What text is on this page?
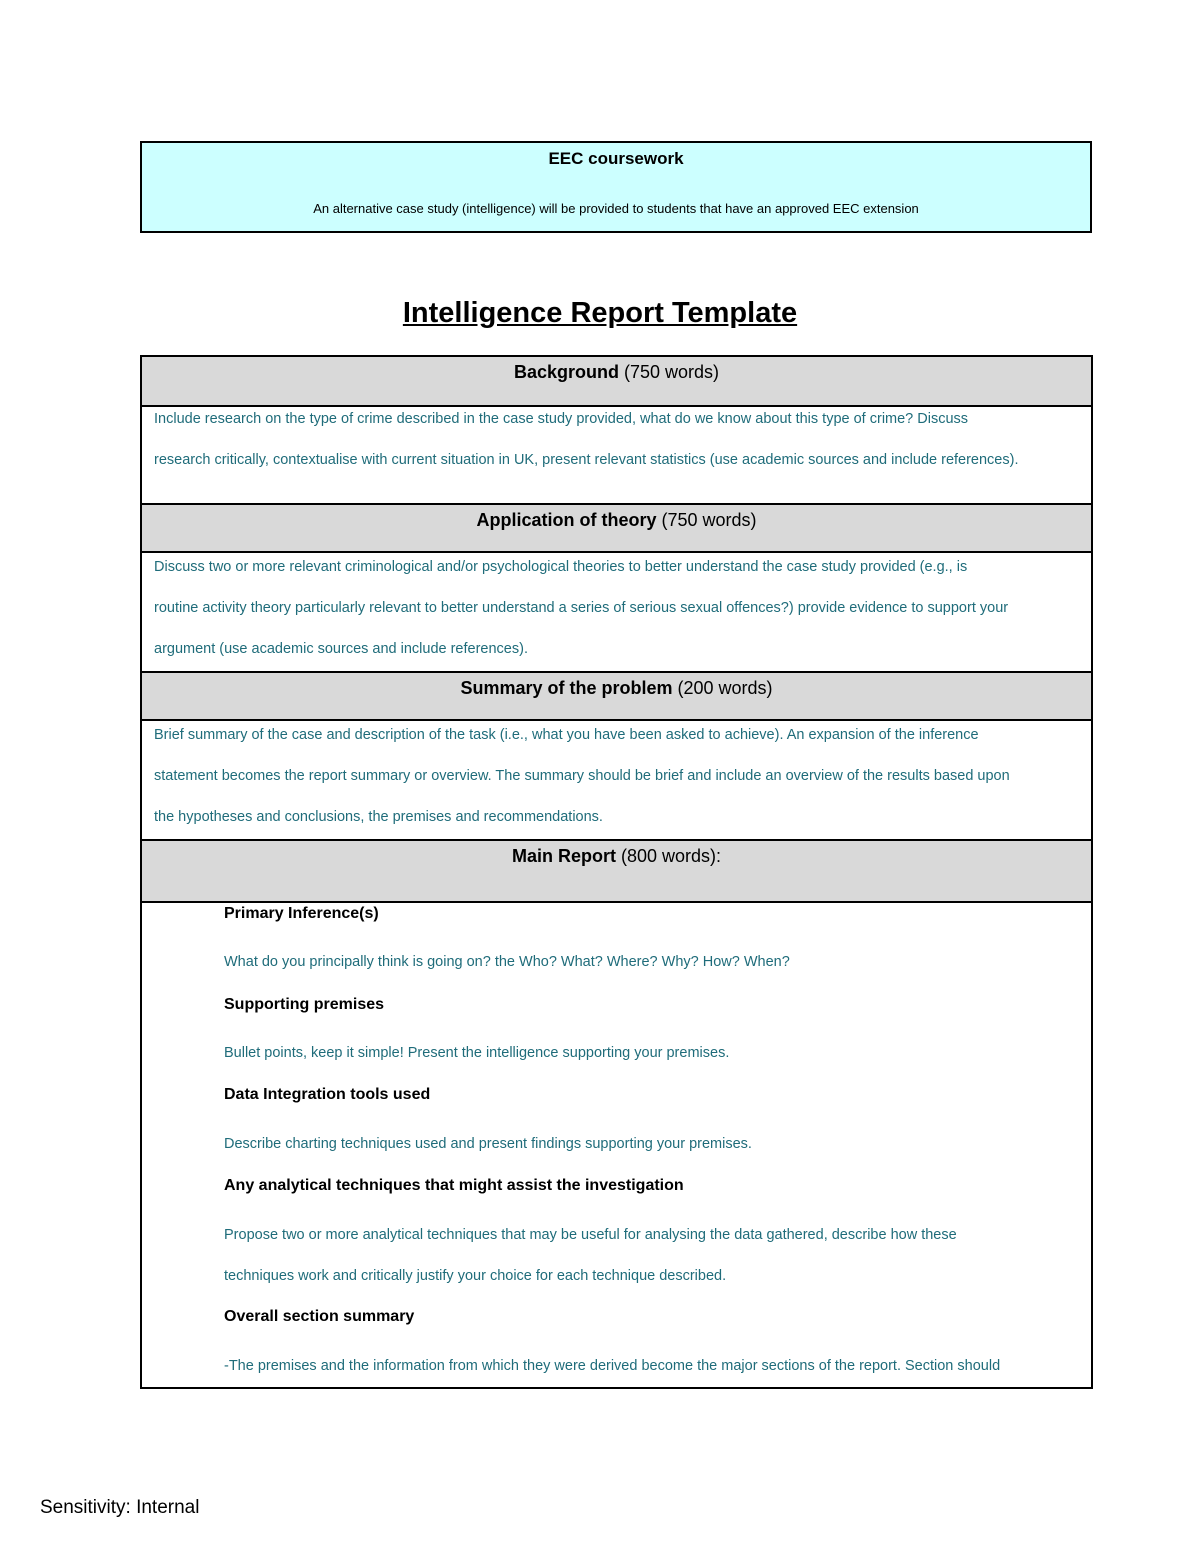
EEC coursework
An alternative case study (intelligence) will be provided to students that have an approved EEC extension
Intelligence Report Template
Background (750 words)
Include research on the type of crime described in the case study provided, what do we know about this type of crime? Discuss
research critically, contextualise with current situation in UK, present relevant statistics (use academic sources and include references).
Application of theory (750 words)
Discuss two or more relevant criminological and/or psychological theories to better understand the case study provided (e.g., is
routine activity theory particularly relevant to better understand a series of serious sexual offences?) provide evidence to support your
argument (use academic sources and include references).
Summary of the problem (200 words)
Brief summary of the case and description of the task (i.e., what you have been asked to achieve). An expansion of the inference
statement becomes the report summary or overview. The summary should be brief and include an overview of the results based upon
the hypotheses and conclusions, the premises and recommendations.
Main Report (800 words):
Primary Inference(s)
What do you principally think is going on? the Who? What? Where? Why? How? When?
Supporting premises
Bullet points, keep it simple! Present the intelligence supporting your premises.
Data Integration tools used
Describe charting techniques used and present findings supporting your premises.
Any analytical techniques that might assist the investigation
Propose two or more analytical techniques that may be useful for analysing the data gathered, describe how these
techniques work and critically justify your choice for each technique described.
Overall section summary
-The premises and the information from which they were derived become the major sections of the report. Section should
Sensitivity: Internal
